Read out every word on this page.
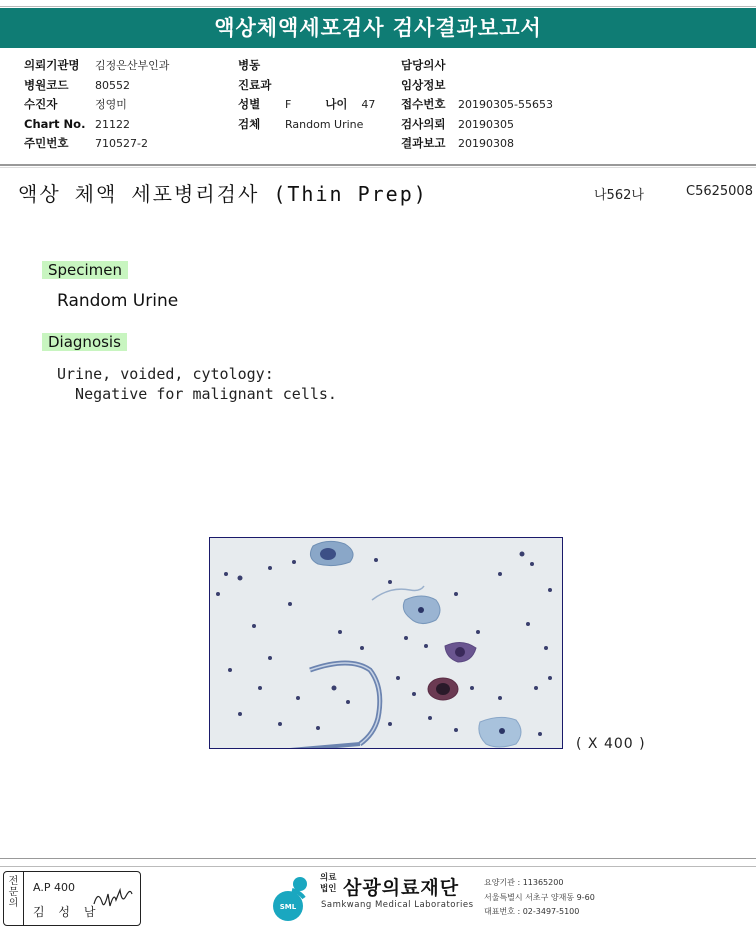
액상체액세포검사 검사결과보고서
의뢰기관명	김정은산부인과
병원코드	80552
수진자	정영미
Chart No. 21122
주민번호	710527-2
병동
진료과
성별	F	나이	47
검체	Random Urine
담당의사
임상정보
접수번호	20190305-55653
검사의뢰	20190305
결과보고	20190308
액상 체액 세포병리검사 (Thin Prep)	나562나	C5625008
Specimen
Random Urine
Diagnosis
Urine, voided, cytology:
Negative for malignant cells.
( X 400 )
전문의
A.P 400
김 성 남	SML
의료
법인 삼광의료재단
Samkwang Medical Laboratories
요양기관 : 11365200
서울특별시 서초구 양재동 9-60
대표번호 : 02-3497-5100
